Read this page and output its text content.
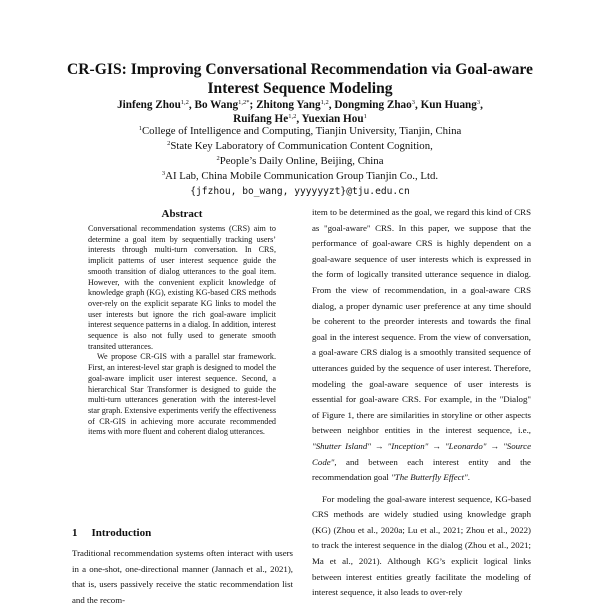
CR-GIS: Improving Conversational Recommendation via Goal-aware Interest Sequence Modeling
Jinfeng Zhou$^{1,2}$, Bo Wang$^{1,2*}$; Zhitong Yang$^{1,2}$, Dongming Zhao$^3$, Kun Huang$^3$,
Ruifang He$^{1,2}$, Yuexian Hou$^1$
$^1$College of Intelligence and Computing, Tianjin University, Tianjin, China
$^2$State Key Laboratory of Communication Content Cognition,
$^2$People’s Daily Online, Beijing, China
$^3$AI Lab, China Mobile Communication Group Tianjin Co., Ltd.
{jfzhou, bo_wang, yyyyyyzt}@tju.edu.cn
Abstract

Conversational recommendation systems (CRS) aim to determine a goal item by sequentially tracking users’ interests through multi-turn conversation. In CRS, implicit patterns of user interest sequence guide the smooth transition of dialog utterances to the goal item. However, with the convenient explicit knowledge of knowledge graph (KG), existing KG-based CRS methods over-rely on the explicit separate KG links to model the user interests but ignore the rich goal-aware implicit interest sequence patterns in a dialog. In addition, interest sequence is also not fully used to generate smooth transited utterances.

We propose CR-GIS with a parallel star framework. First, an interest-level star graph is designed to model the goal-aware implicit user interest sequence. Second, a hierarchical Star Transformer is designed to guide the multi-turn utterances generation with the interest-level star graph. Extensive experiments verify the effectiveness of CR-GIS in achieving more accurate recommended items with more fluent and coherent dialog utterances.

1 Introduction
Traditional recommendation systems often interact with users in a one-shot, one-directional manner (Jannach et al., 2021), that is, users passively receive the static recommendation list and the recom-

item to be determined as the goal, we regard this kind of CRS as "goal-aware" CRS. In this paper, we suppose that the performance of goal-aware CRS is highly dependent on a goal-aware sequence of user interests which is expressed in the form of logically transited utterance sequence in dialog. From the view of recommendation, in a goal-aware CRS dialog, a proper dynamic user preference at any time should be coherent to the preorder interests and towards the final goal in the interest sequence. From the view of conversation, a goal-aware CRS dialog is a smoothly transited sequence of utterances guided by the sequence of user interest. Therefore, modeling the goal-aware sequence of user interests is essential for goal-aware CRS. For example, in the "Dialog" of Figure 1, there are similarities in storyline or other aspects between neighbor entities in the interest sequence, i.e., "Shutter Island" → "Inception" → "Leonardo" → "Source Code", and between each interest entity and the recommendation goal "The Butterfly Effect".

For modeling the goal-aware interest sequence, KG-based CRS methods are widely studied using knowledge graph (KG) (Zhou et al., 2020a; Lu et al., 2021; Zhou et al., 2022) to track the interest sequence in the dialog (Zhou et al., 2021; Ma et al., 2021). Although KG’s explicit logical links between interest entities greatly facilitate the modeling of interest sequence, it also leads to over-rely
